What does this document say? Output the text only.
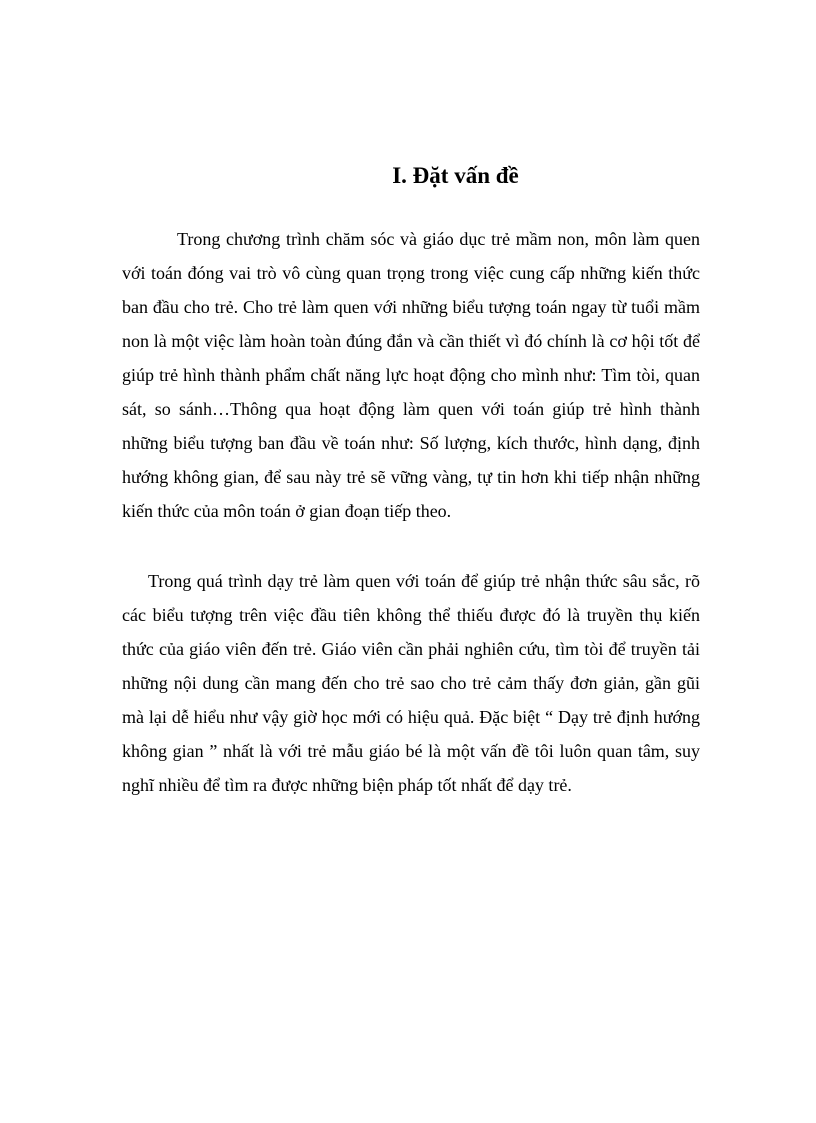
I. Đặt vấn đề

Trong chương trình chăm sóc và giáo dục trẻ mầm non, môn làm quen với toán đóng vai trò vô cùng quan trọng trong việc cung cấp những kiến thức ban đầu cho trẻ. Cho trẻ làm quen với những biểu tượng toán ngay từ tuổi mầm non là một việc làm hoàn toàn đúng đắn và cần thiết vì đó chính là cơ hội tốt để giúp trẻ hình thành phẩm chất năng lực hoạt động cho mình như: Tìm tòi, quan sát, so sánh…Thông qua hoạt động làm quen với toán giúp trẻ hình thành những biểu tượng ban đầu về toán như: Số lượng, kích thước, hình dạng, định hướng không gian, để sau này trẻ sẽ vững vàng, tự tin hơn khi tiếp nhận những kiến thức của môn toán ở gian đoạn tiếp theo.

Trong quá trình dạy trẻ làm quen với toán để giúp trẻ nhận thức sâu sắc, rõ các biểu tượng trên việc đầu tiên không thể thiếu được đó là truyền thụ kiến thức của giáo viên đến trẻ. Giáo viên cần phải nghiên cứu, tìm tòi để truyền tải những nội dung cần mang đến cho trẻ sao cho trẻ cảm thấy đơn giản, gần gũi mà lại dễ hiểu như vậy giờ học mới có hiệu quả. Đặc biệt “ Dạy trẻ định hướng không gian ” nhất là với trẻ mẫu giáo bé là một vấn đề tôi luôn quan tâm, suy nghĩ nhiều để tìm ra được những biện pháp tốt nhất để dạy trẻ.
